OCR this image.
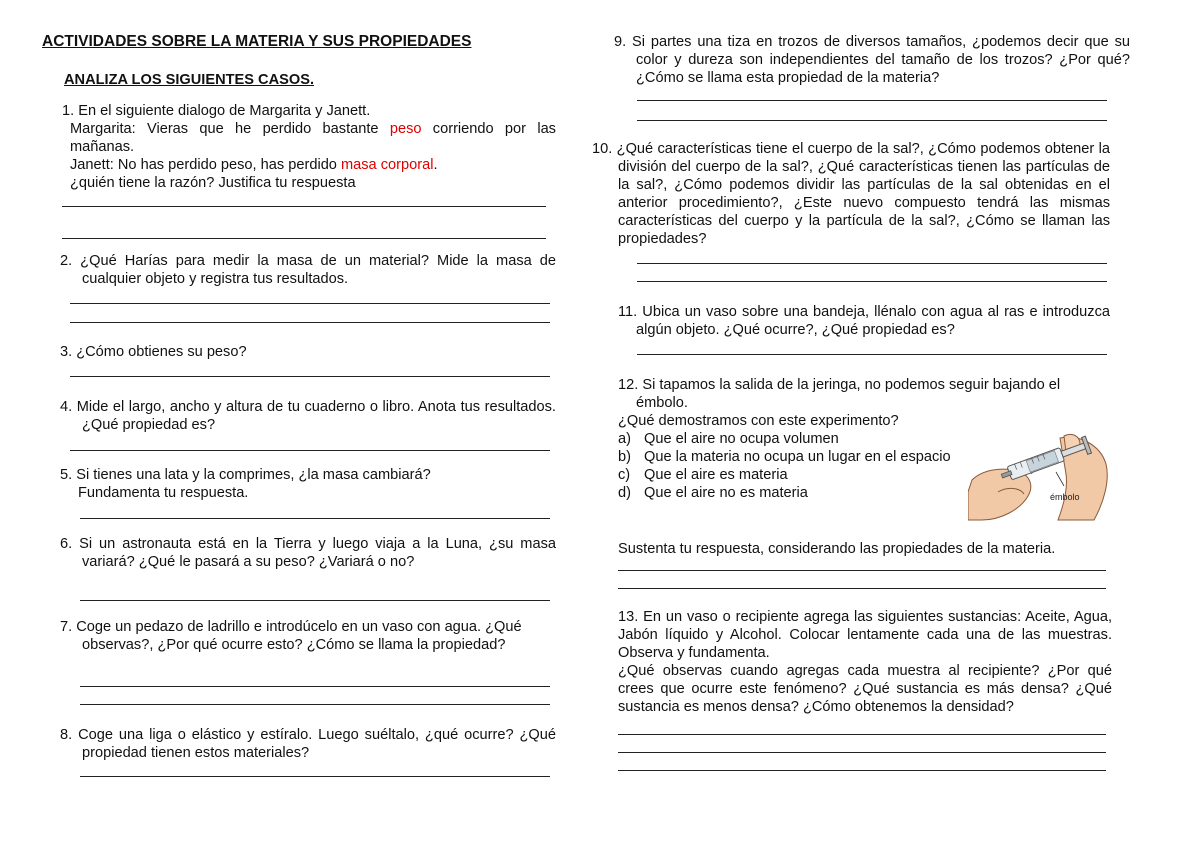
ACTIVIDADES SOBRE LA MATERIA Y SUS PROPIEDADES
ANALIZA LOS SIGUIENTES CASOS.
1. En el siguiente dialogo de Margarita y Janett.
Margarita: Vieras que he perdido bastante peso corriendo por las mañanas.
Janett: No has perdido peso, has perdido masa corporal.
¿quién tiene la razón? Justifica tu respuesta
2. ¿Qué Harías para medir la masa de un material? Mide la masa de cualquier objeto y registra tus resultados.
3. ¿Cómo obtienes su peso?
4. Mide el largo, ancho y altura de tu cuaderno o libro. Anota tus resultados. ¿Qué propiedad es?
5. Si tienes una lata y la comprimes, ¿la masa cambiará?
Fundamenta tu respuesta.
6. Si un astronauta está en la Tierra y luego viaja a la Luna, ¿su masa variará? ¿Qué le pasará a su peso? ¿Variará o no?
7. Coge un pedazo de ladrillo e introdúcelo en un vaso con agua. ¿Qué observas?, ¿Por qué ocurre esto? ¿Cómo se llama la propiedad?
8. Coge una liga o elástico y estíralo. Luego suéltalo, ¿qué ocurre? ¿Qué propiedad tienen estos materiales?
9. Si partes una tiza en trozos de diversos tamaños, ¿podemos decir que su color y dureza son independientes del tamaño de los trozos? ¿Por qué? ¿Cómo se llama esta propiedad de la materia?
10. ¿Qué características tiene el cuerpo de la sal?, ¿Cómo podemos obtener la división del cuerpo de la sal?, ¿Qué características tienen las partículas de la sal?, ¿Cómo podemos dividir las partículas de la sal obtenidas en el anterior procedimiento?, ¿Este nuevo compuesto tendrá las mismas características del cuerpo y la partícula de la sal?, ¿Cómo se llaman las propiedades?
11. Ubica un vaso sobre una bandeja, llénalo con agua al ras e introduzca algún objeto. ¿Qué ocurre?, ¿Qué propiedad es?
12. Si tapamos la salida de la jeringa, no podemos seguir bajando el émbolo.
¿Qué demostramos con este experimento?
a) Que el aire no ocupa volumen
b) Que la materia no ocupa un lugar en el espacio
c) Que el aire es materia
d) Que el aire no es materia	émbolo
Sustenta tu respuesta, considerando las propiedades de la materia.
13. En un vaso o recipiente agrega las siguientes sustancias: Aceite, Agua, Jabón líquido y Alcohol. Colocar lentamente cada una de las muestras. Observa y fundamenta.
¿Qué observas cuando agregas cada muestra al recipiente? ¿Por qué crees que ocurre este fenómeno? ¿Qué sustancia es más densa? ¿Qué sustancia es menos densa? ¿Cómo obtenemos la densidad?
